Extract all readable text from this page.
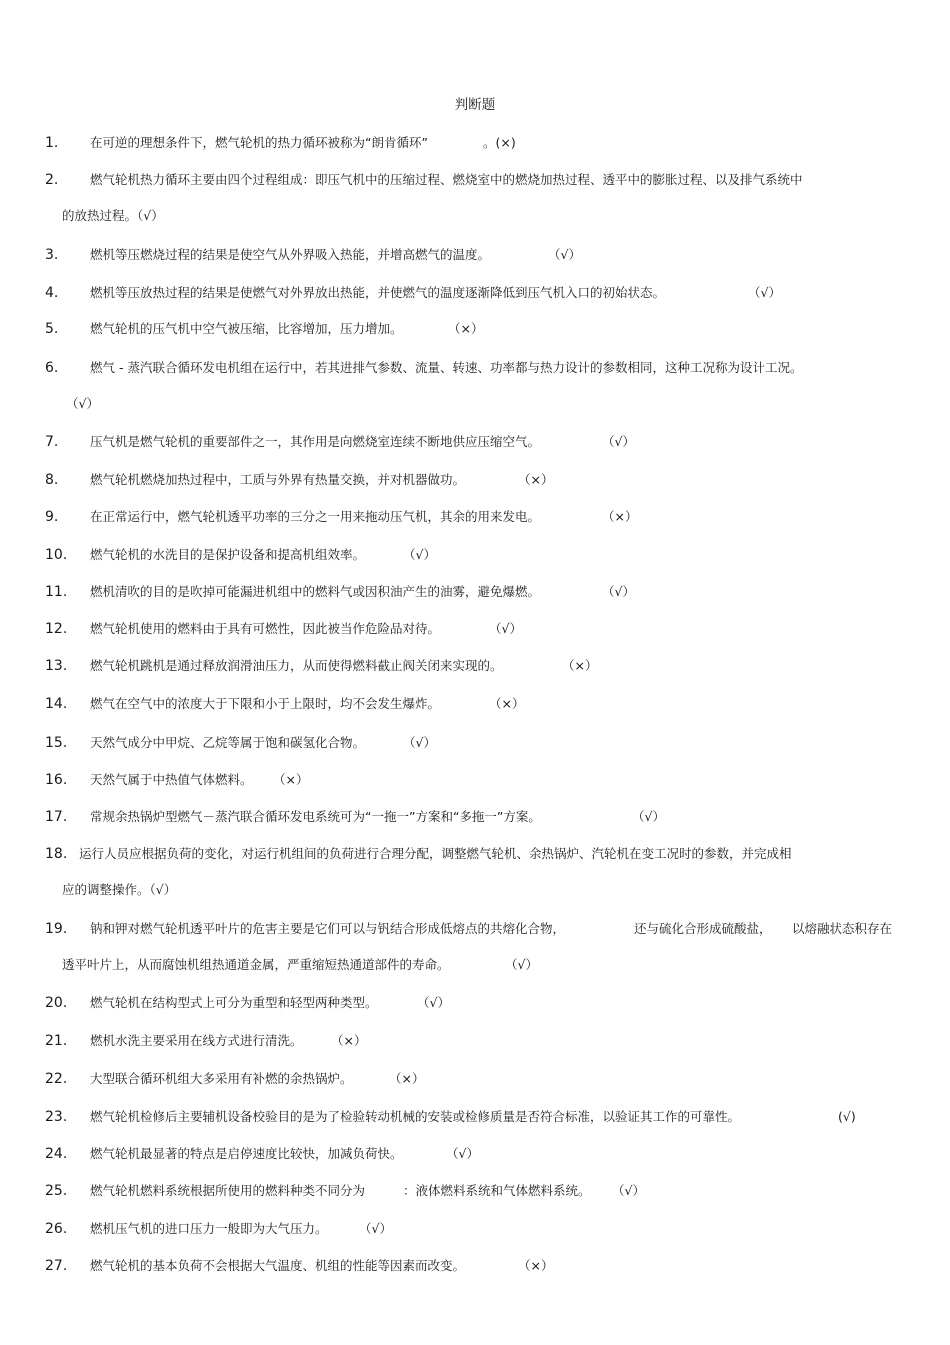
判断题
1.	在可逆的理想条件下，燃气轮机的热力循环被称为“朗肯循环”	。(×)
2.	燃气轮机热力循环主要由四个过程组成：即压气机中的压缩过程、燃烧室中的燃烧加热过程、透平中的膨胀过程、以及排气系统中
的放热过程。（√）
3.	燃机等压燃烧过程的结果是使空气从外界吸入热能，并增高燃气的温度。	（√）
4.	燃机等压放热过程的结果是使燃气对外界放出热能，并使燃气的温度逐渐降低到压气机入口的初始状态。	（√）
5.	燃气轮机的压气机中空气被压缩，比容增加，压力增加。	（×）
6.	燃气 - 蒸汽联合循环发电机组在运行中，若其进排气参数、流量、转速、功率都与热力设计的参数相同，这种工况称为设计工况。
（√）
7.	压气机是燃气轮机的重要部件之一，其作用是向燃烧室连续不断地供应压缩空气。	（√）
8.	燃气轮机燃烧加热过程中，工质与外界有热量交换，并对机器做功。	（×）
9.	在正常运行中，燃气轮机透平功率的三分之一用来拖动压气机，其余的用来发电。	（×）
10. 燃气轮机的水洗目的是保护设备和提高机组效率。	（√）
11. 燃机清吹的目的是吹掉可能漏进机组中的燃料气或因积油产生的油雾，避免爆燃。	（√）
12. 燃气轮机使用的燃料由于具有可燃性，因此被当作危险品对待。	（√）
13. 燃气轮机跳机是通过释放润滑油压力，从而使得燃料截止阀关闭来实现的。	（×）
14. 燃气在空气中的浓度大于下限和小于上限时，均不会发生爆炸。	（×）
15. 天然气成分中甲烷、乙烷等属于饱和碳氢化合物。	（√）
16. 天然气属于中热值气体燃料。 （×）
17. 常规余热锅炉型燃气－蒸汽联合循环发电系统可为“一拖一”方案和“多拖一”方案。	（√）
18. 运行人员应根据负荷的变化，对运行机组间的负荷进行合理分配，调整燃气轮机、余热锅炉、汽轮机在变工况时的参数，并完成相
应的调整操作。（√）
19. 钠和钾对燃气轮机透平叶片的危害主要是它们可以与钒结合形成低熔点的共熔化合物，	还与硫化合形成硫酸盐， 以熔融状态积存在
透平叶片上，从而腐蚀机组热通道金属，严重缩短热通道部件的寿命。	（√）
20. 燃气轮机在结构型式上可分为重型和轻型两种类型。	（√）
21. 燃机水洗主要采用在线方式进行清洗。 （×）
22. 大型联合循环机组大多采用有补燃的余热锅炉。	（×）
23. 燃气轮机检修后主要辅机设备校验目的是为了检验转动机械的安装或检修质量是否符合标准，以验证其工作的可靠性。	(√)
24. 燃气轮机最显著的特点是启停速度比较快，加减负荷快。	（√）
25. 燃气轮机燃料系统根据所使用的燃料种类不同分为	：液体燃料系统和气体燃料系统。 （√）
26. 燃机压气机的进口压力一般即为大气压力。	（√）
27. 燃气轮机的基本负荷不会根据大气温度、机组的性能等因素而改变。	（×）
